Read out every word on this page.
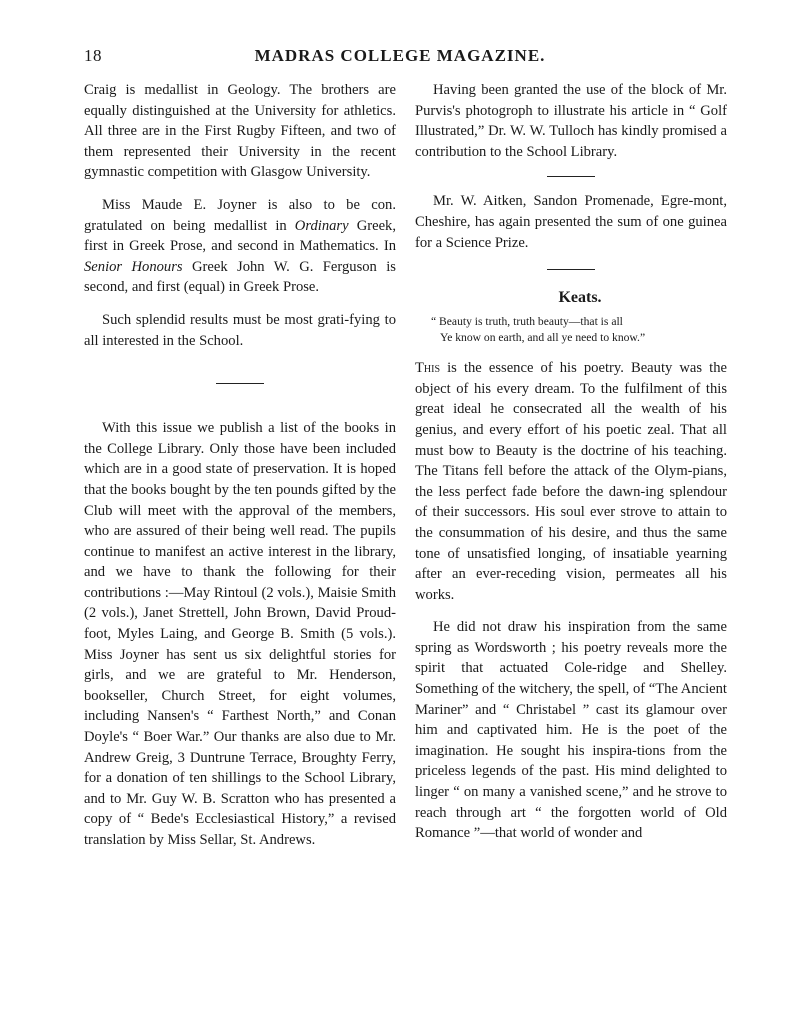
18	MADRAS COLLEGE MAGAZINE.

Craig is medallist in Geology. The brothers are equally distinguished at the University for athletics. All three are in the First Rugby Fifteen, and two of them represented their University in the recent gymnastic competition with Glasgow University.

Miss Maude E. Joyner is also to be con. gratulated on being medallist in Ordinary Greek, first in Greek Prose, and second in Mathematics. In Senior Honours Greek John W. G. Ferguson is second, and first (equal) in Greek Prose.

Such splendid results must be most grati-fying to all interested in the School.

With this issue we publish a list of the books in the College Library. Only those have been included which are in a good state of preservation. It is hoped that the books bought by the ten pounds gifted by the Club will meet with the approval of the members, who are assured of their being well read. The pupils continue to manifest an active interest in the library, and we have to thank the following for their contributions :—May Rintoul (2 vols.), Maisie Smith (2 vols.), Janet Strettell, John Brown, David Proud-foot, Myles Laing, and George B. Smith (5 vols.). Miss Joyner has sent us six delightful stories for girls, and we are grateful to Mr. Henderson, bookseller, Church Street, for eight volumes, including Nansen's “ Farthest North,” and Conan Doyle's “ Boer War.” Our thanks are also due to Mr. Andrew Greig, 3 Duntrune Terrace, Broughty Ferry, for a donation of ten shillings to the School Library, and to Mr. Guy W. B. Scratton who has presented a copy of “ Bede's Ecclesiastical History,” a revised translation by Miss Sellar, St. Andrews.

Having been granted the use of the block of Mr. Purvis's photogroph to illustrate his article in “ Golf Illustrated,” Dr. W. W. Tulloch has kindly promised a contribution to the School Library.

Mr. W. Aitken, Sandon Promenade, Egre-mont, Cheshire, has again presented the sum of one guinea for a Science Prize.

Keats.

“ Beauty is truth, truth beauty—that is all
Ye know on earth, and all ye need to know.”

This is the essence of his poetry. Beauty was the object of his every dream. To the fulfilment of this great ideal he consecrated all the wealth of his genius, and every effort of his poetic zeal. That all must bow to Beauty is the doctrine of his teaching. The Titans fell before the attack of the Olym-pians, the less perfect fade before the dawn-ing splendour of their successors. His soul ever strove to attain to the consummation of his desire, and thus the same tone of unsatisfied longing, of insatiable yearning after an ever-receding vision, permeates all his works.

He did not draw his inspiration from the same spring as Wordsworth ; his poetry reveals more the spirit that actuated Cole-ridge and Shelley. Something of the witchery, the spell, of “The Ancient Mariner” and “ Christabel ” cast its glamour over him and captivated him. He is the poet of the imagination. He sought his inspira-tions from the priceless legends of the past. His mind delighted to linger “ on many a vanished scene,” and he strove to reach through art “ the forgotten world of Old Romance ”—that world of wonder and
